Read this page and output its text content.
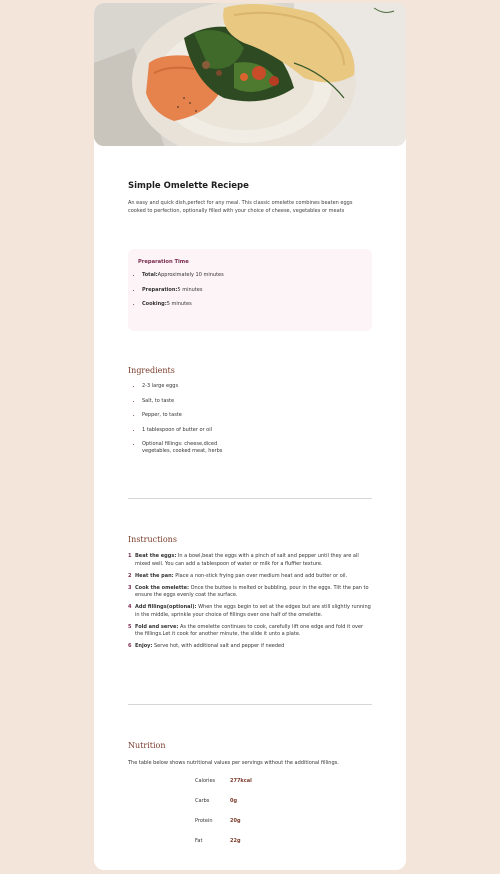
Simple Omelette Reciepe

An easy and quick dish,perfect for any meal. This classic omelette combines beaten eggs cooked to perfection, optionally filled with your choice of cheese, vegetables or meats

Preparation Time
• Total:Approximately 10 minutes
• Preparation:5 minutes
• Cooking:5 minutes
Ingredients
• 2-3 large eggs
• Salt, to taste
• Pepper, to taste
• 1 tablespoon of butter or oil
• Optional fillings: cheese,diced vegetables, cooked meat, herbs
Instructions
1 Beat the eggs: In a bowl,beat the eggs with a pinch of salt and pepper until they are all mixed well. You can add a tablespoon of water or milk for a fluffier texture.
2 Heat the pan: Place a non-stick frying pan over medium heat and add butter or oil.
3 Cook the omelette: Once the buttee is melted or bubbling, pour in the eggs. Tilt the pan to ensure the eggs evenly coat the surface.
4 Add fillings(optional): When the eggs begin to set at the edges but are still slightly running in the middle, sprinkle your choice of fillings over one half of the omelette.
5 Fold and serve: As the omelette continues to cook, carefully lift one edge and fold it over the fillings.Let it cook for another minute, the slide it unto a plate.
6 Enjoy: Serve hot, with additional salt and pepper if needed
Nutrition

The table below shows nutritional values per servings without the additional fillings.

Calories	277kcal
Carbs	0g
Protein	20g
Fat	22g
